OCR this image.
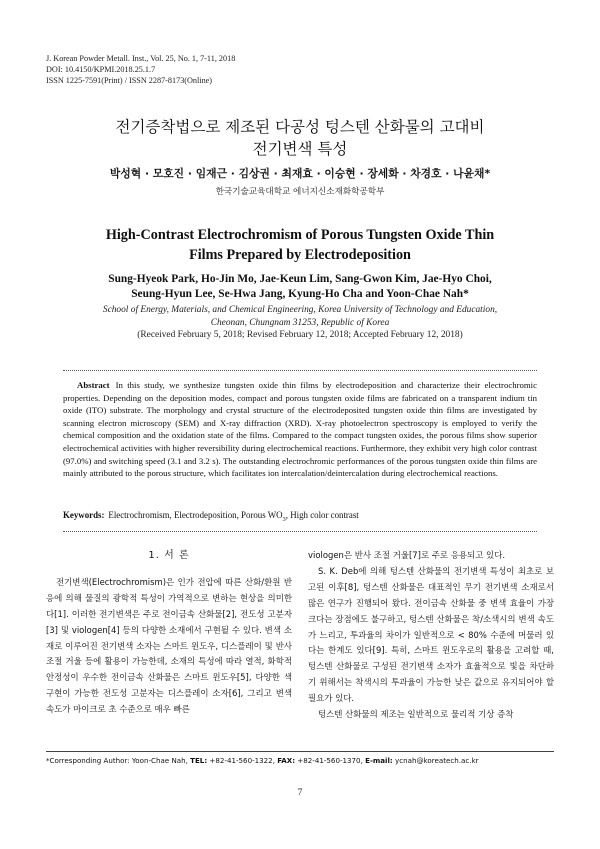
J. Korean Powder Metall. Inst., Vol. 25, No. 1, 7-11, 2018
DOI: 10.4150/KPMI.2018.25.1.7
ISSN 1225-7591(Print) / ISSN 2287-8173(Online)
전기증착법으로 제조된 다공성 텅스텐 산화물의 고대비
전기변색 특성
박성혁 · 모호진 · 임재근 · 김상권 · 최재효 · 이승현 · 장세화 · 차경호 · 나윤채*
한국기술교육대학교 에너지신소재화학공학부
High-Contrast Electrochromism of Porous Tungsten Oxide Thin
Films Prepared by Electrodeposition
Sung-Hyeok Park, Ho-Jin Mo, Jae-Keun Lim, Sang-Gwon Kim, Jae-Hyo Choi,
Seung-Hyun Lee, Se-Hwa Jang, Kyung-Ho Cha and Yoon-Chae Nah*
School of Energy, Materials, and Chemical Engineering, Korea University of Technology and Education,
Cheonan, Chungnam 31253, Republic of Korea
(Received February 5, 2018; Revised February 12, 2018; Accepted February 12, 2018)
Abstract In this study, we synthesize tungsten oxide thin films by electrodeposition and characterize their electrochromic properties. Depending on the deposition modes, compact and porous tungsten oxide films are fabricated on a transparent indium tin oxide (ITO) substrate. The morphology and crystal structure of the electrodeposited tungsten oxide thin films are investigated by scanning electron microscopy (SEM) and X-ray diffraction (XRD). X-ray photoelectron spectroscopy is employed to verify the chemical composition and the oxidation state of the films. Compared to the compact tungsten oxides, the porous films show superior electrochemical activities with higher reversibility during electrochemical reactions. Furthermore, they exhibit very high color contrast (97.0%) and switching speed (3.1 and 3.2 s). The outstanding electrochromic performances of the porous tungsten oxide thin films are mainly attributed to the porous structure, which facilitates ion intercalation/deintercalation during electrochemical reactions.
Keywords: Electrochromism, Electrodeposition, Porous $WO_3$, High color contrast
1. 서 론
전기변색(Electrochromism)은 인가 전압에 따른 산화/환원 반응에 의해 물질의 광학적 특성이 가역적으로 변하는 현상을 의미한다[1]. 이러한 전기변색은 주로 전이금속 산화물[2], 전도성 고분자[3] 및 viologen[4] 등의 다양한 소재에서 구현될 수 있다. 변색 소재로 이루어진 전기변색 소자는 스마트 윈도우, 디스플레이 및 반사 조절 거울 등에 활용이 가능한데, 소재의 특성에 따라 열적, 화학적 안정성이 우수한 전이금속 산화물은 스마트 윈도우[5], 다양한 색 구현이 가능한 전도성 고분자는 디스플레이 소자[6], 그리고 변색 속도가 마이크로 초 수준으로 매우 빠른
viologen은 반사 조절 거울[7]로 주로 응용되고 있다.
S. K. Deb에 의해 텅스텐 산화물의 전기변색 특성이 최초로 보고된 이후[8], 텅스텐 산화물은 대표적인 무기 전기변색 소재로서 많은 연구가 진행되어 왔다. 전이금속 산화물 중 변색 효율이 가장 크다는 장점에도 불구하고, 텅스텐 산화물은 착/소색시의 변색 속도가 느리고, 투과율의 차이가 일반적으로 < 80% 수준에 머물러 있다는 한계도 있다[9]. 특히, 스마트 윈도우로의 활용을 고려할 때, 텅스텐 산화물로 구성된 전기변색 소자가 효율적으로 빛을 차단하기 위해서는 착색시의 투과율이 가능한 낮은 값으로 유지되어야 할 필요가 있다.
텅스텐 산화물의 제조는 일반적으로 물리적 기상 증착
*Corresponding Author: Yoon-Chae Nah, TEL: +82-41-560-1322, FAX: +82-41-560-1370, E-mail: ycnah@koreatech.ac.kr
7
